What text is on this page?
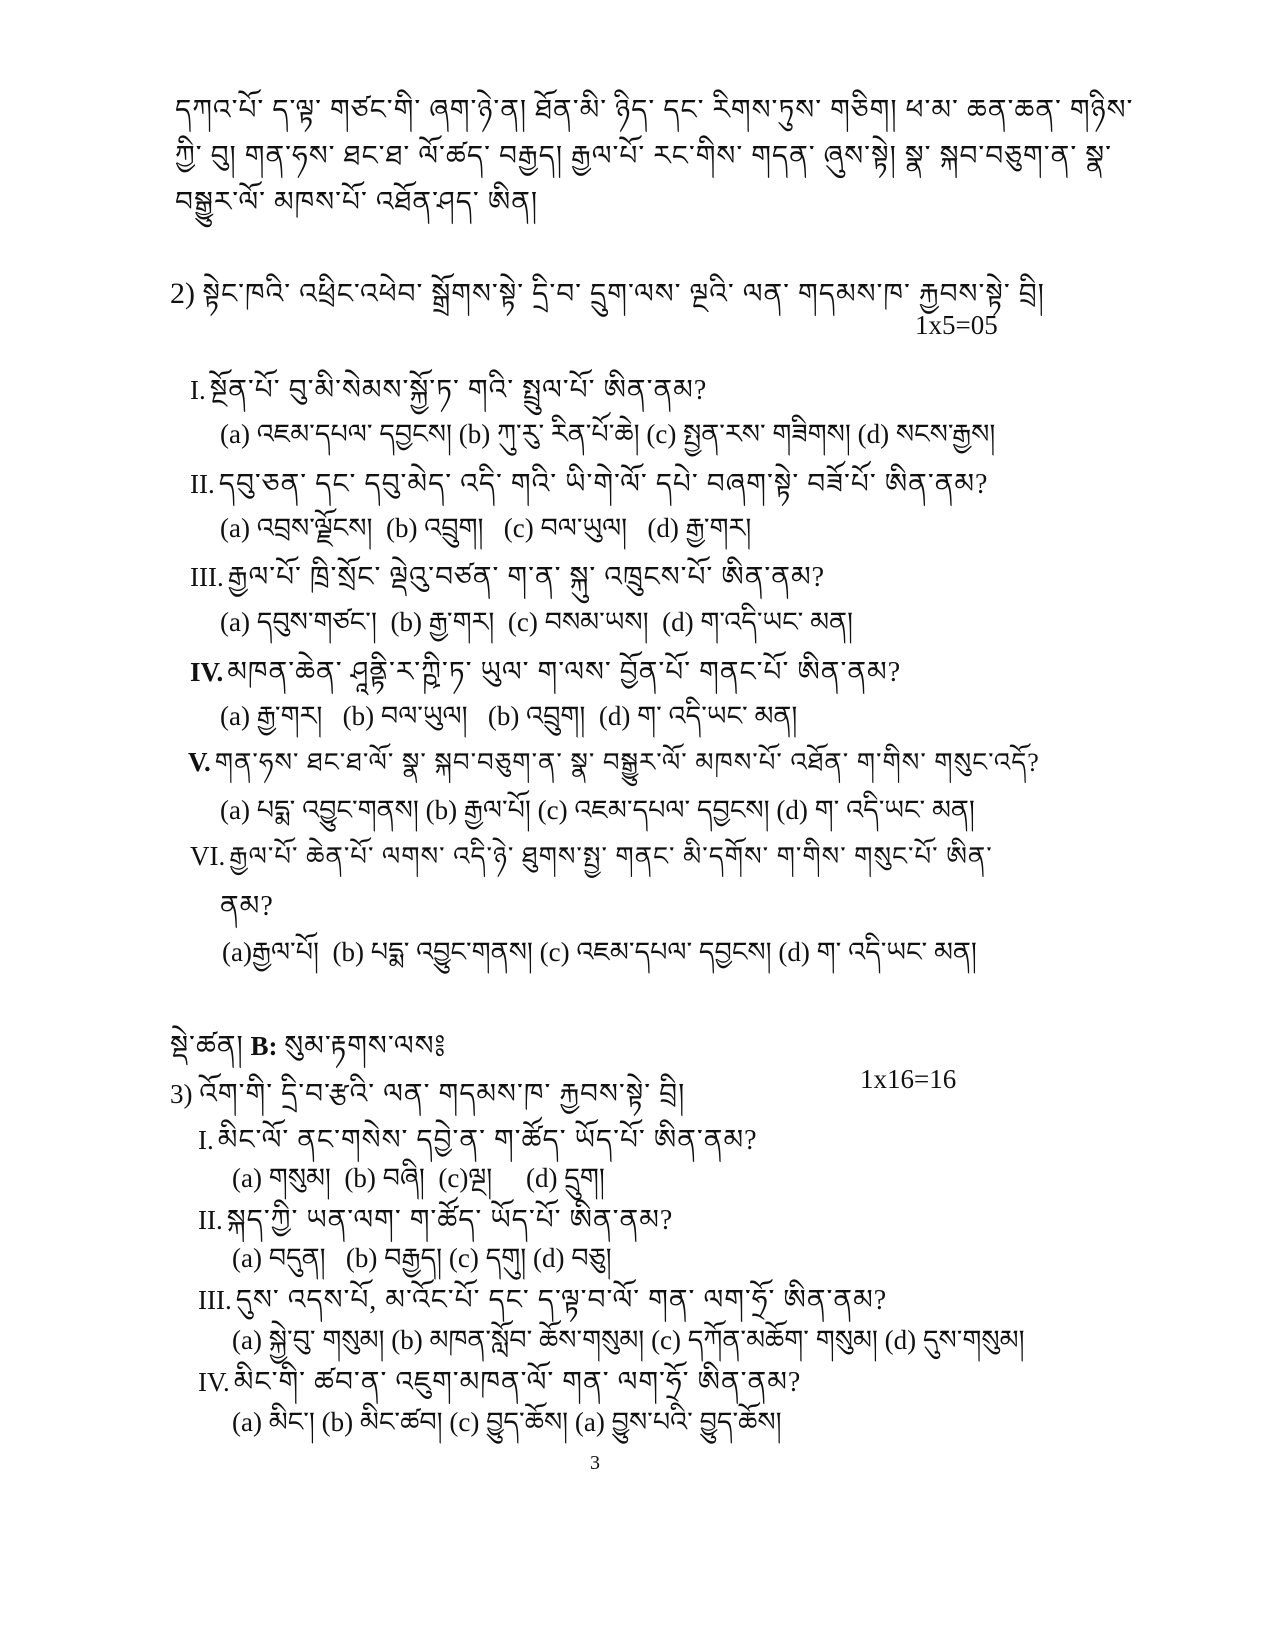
དཀའ་པོ་ ད་ལྟ་ གཙང་གི་ ཞག་ཉེ་ན། ཐོན་མི་ ཉིད་ དང་ རིགས་ཏུས་ གཅིག། ཕ་མ་ ཆན་ཆན་ གཉིས་
ཀྱི་ བུ། གན་ཧས་ ཐང་ཐ་ ལོ་ཚད་ བརྒྱད། རྒྱལ་པོ་ རང་གིས་ གདན་ ཞུས་སྟེ། སྣ་ སྐབ་བཅུག་ན་ སྣ་
བསྒྱུར་ལོ་ མཁས་པོ་ འཐོན་ཤད་ ཨིན།
2) སྟེང་ཁའི་ འཕྲིང་འཕེབ་ སྒྲོགས་སྟེ་ དྲི་བ་ དྲུག་ལས་ ལྔའི་ ལན་ གདམས་ཁ་ རྐྱབས་སྟེ་ བྲི།
1x5=05
I. སྔོན་པོ་ བུ་མི་སེམས་སྐྱོ་ཏ་ གའི་ སྤྲུལ་པོ་ ཨིན་ནམ?
(a) འཇམ་དཔལ་ དབྱངས། (b) ཀུ་རུ་ རིན་པོ་ཆེ། (c) སྤྱན་རས་ གཟིགས། (d) སངས་རྒྱས།
II. དབུ་ཅན་ དང་ དབུ་མེད་ འདི་ གའི་ ཡི་གེ་ལོ་ དཔེ་ བཞག་སྟེ་ བཟོ་པོ་ ཨིན་ནམ?
(a) འབྲས་ལྗོངས། (b) འབྲུག། (c) བལ་ཡུལ། (d) རྒྱ་གར།
III. རྒྱལ་པོ་ ཁྲི་སྲོང་ ལྡེའུ་བཙན་ ག་ན་ སྐུ་ འཁྲུངས་པོ་ ཨིན་ནམ?
(a) དབུས་གཙང་། (b) རྒྱ་གར། (c) བསམ་ཡས། (d) ག་འདི་ཡང་ མན།
IV. མཁན་ཆེན་ ཤཱནྟི་ར་ཀྵི་ཏ་ ཡུལ་ ག་ལས་ བྱོན་པོ་ གནང་པོ་ ཨིན་ནམ?
(a) རྒྱ་གར། (b) བལ་ཡུལ། (b) འབྲུག། (d) ག་ འདི་ཡང་ མན།
V. གན་ཧས་ ཐང་ཐ་ལོ་ སྣ་ སྐབ་བཅུག་ན་ སྣ་ བསྒྱུར་ལོ་ མཁས་པོ་ འཐོན་ ག་གིས་ གསུང་འདོ?
(a) པདྨ་ འབྱུང་གནས། (b) རྒྱལ་པོ། (c) འཇམ་དཔལ་ དབྱངས། (d) ག་ འདི་ཡང་ མན།
VI. རྒྱལ་པོ་ ཆེན་པོ་ ལགས་ འདི་ཉེ་ ཐུགས་སྤྱ་ གནང་ མི་དགོས་ ག་གིས་ གསུང་པོ་ ཨིན་
ནམ?
(a)རྒྱལ་པོ། (b) པདྨ་ འབྱུང་གནས། (c) འཇམ་དཔལ་ དབྱངས། (d) ག་ འདི་ཡང་ མན།
སྡེ་ཚན། B: སུམ་རྟགས་ལས༔
3) འོག་གི་ དྲི་བ་རྩའི་ ལན་ གདམས་ཁ་ རྐྱབས་སྟེ་ བྲི།	1x16=16
I. མིང་ལོ་ ནང་གསེས་ དབྱེ་ན་ ག་ཚོད་ ཡོད་པོ་ ཨིན་ནམ?
(a) གསུམ། (b) བཞི། (c)ལྔ། (d) དྲུག།
II. སྐད་ཀྱི་ ཡན་ལག་ ག་ཚོད་ ཡོད་པོ་ ཨིན་ནམ?
(a) བདུན། (b) བརྒྱད། (c) དགུ། (d) བཅུ།
III. དུས་ འདས་པོ, མ་འོང་པོ་ དང་ ད་ལྟ་བ་ལོ་ གན་ ལག་ཧྲོ་ ཨིན་ནམ?
(a) སྐྱེ་བུ་ གསུམ། (b) མཁན་སློབ་ ཆོས་གསུམ། (c) དཀོན་མཆོག་ གསུམ། (d) དུས་གསུམ།
IV. མིང་གི་ ཚབ་ན་ འཇུག་མཁན་ལོ་ གན་ ལག་ཧྲོ་ ཨིན་ནམ?
(a) མིང་། (b) མིང་ཚབ། (c) བྱུད་ཆོས། (a) བྱུས་པའི་ བྱུད་ཆོས།
3
